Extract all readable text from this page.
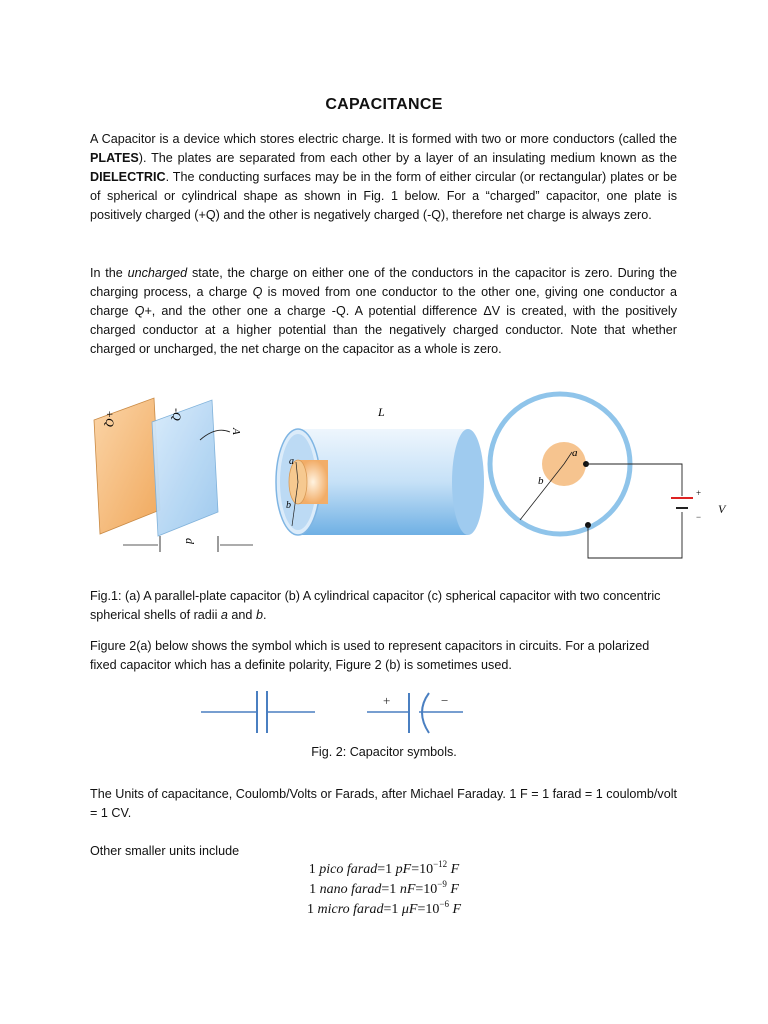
CAPACITANCE
A Capacitor is a device which stores electric charge. It is formed with two or more conductors (called the PLATES). The plates are separated from each other by a layer of an insulating medium known as the DIELECTRIC. The conducting surfaces may be in the form of either circular (or rectangular) plates or be of spherical or cylindrical shape as shown in Fig. 1 below. For a “charged” capacitor, one plate is positively charged (+Q) and the other is negatively charged (-Q), therefore net charge is always zero.
In the uncharged state, the charge on either one of the conductors in the capacitor is zero. During the charging process, a charge Q is moved from one conductor to the other one, giving one conductor a charge Q+, and the other one a charge -Q. A potential difference ΔV is created, with the positively charged conductor at a higher potential than the negatively charged conductor. Note that whether charged or uncharged, the net charge on the capacitor as a whole is zero.
+Q	-Q
A
d
L
a
b
a
b
+
−
V
Fig.1: (a) A parallel-plate capacitor (b) A cylindrical capacitor (c) spherical capacitor with two concentric spherical shells of radii a and b.
Figure 2(a) below shows the symbol which is used to represent capacitors in circuits. For a polarized fixed capacitor which has a definite polarity, Figure 2 (b) is sometimes used.
+	−
Fig. 2: Capacitor symbols.
The Units of capacitance, Coulomb/Volts or Farads, after Michael Faraday. 1 F = 1 farad = 1 coulomb/volt = 1 CV.
Other smaller units include
1 pico farad=1 $pF=10^{-12}$ F
1 nano farad=1 $nF=10^{-9}$ F
1 micro farad=1 $\mu F=10^{-6}$ F
